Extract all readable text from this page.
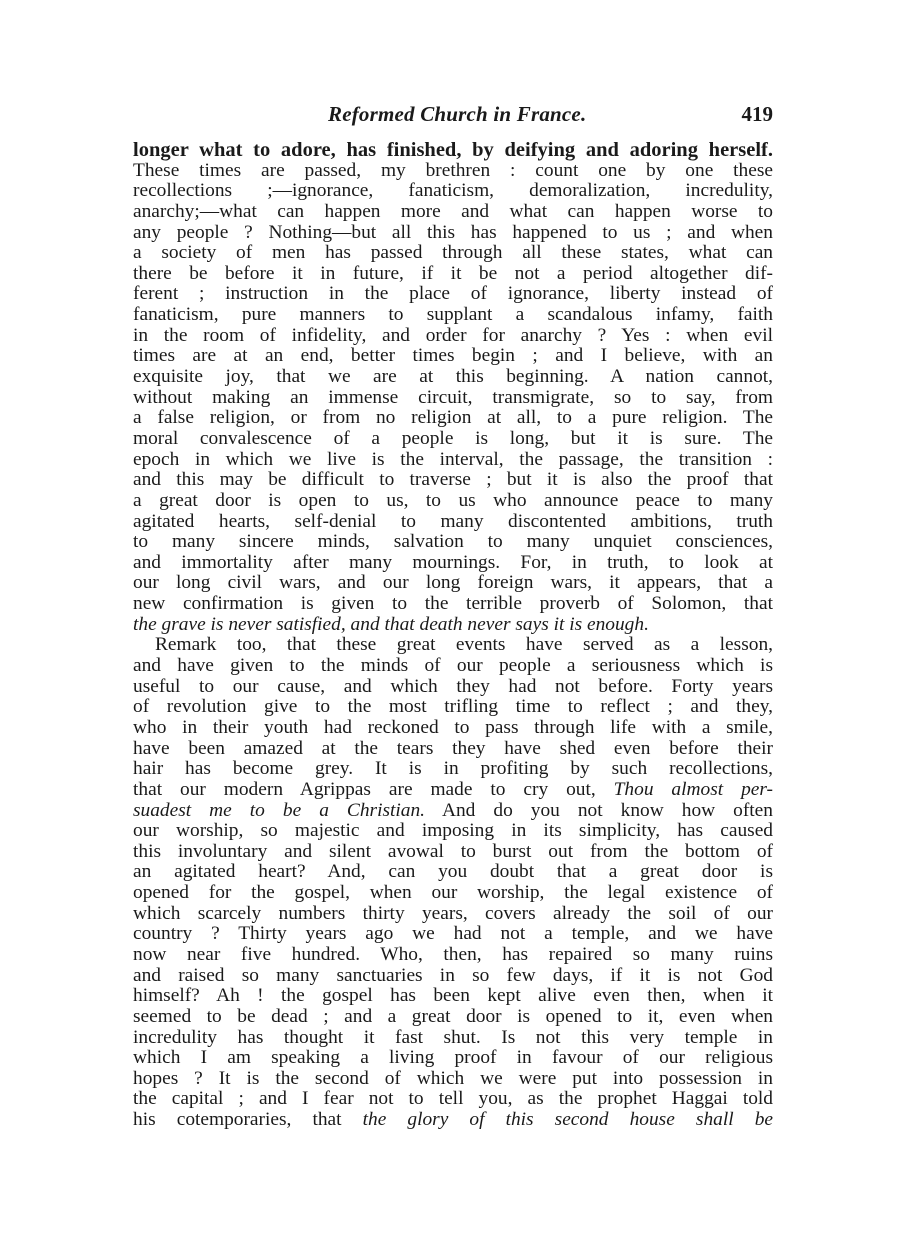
Reformed Church in France.	419
longer what to adore, has finished, by deifying and adoring herself.
These times are passed, my brethren : count one by one these
recollections ;—ignorance, fanaticism, demoralization, incredulity,
anarchy;—what can happen more and what can happen worse to
any people ? Nothing—but all this has happened to us ; and when
a society of men has passed through all these states, what can
there be before it in future, if it be not a period altogether dif-
ferent ; instruction in the place of ignorance, liberty instead of
fanaticism, pure manners to supplant a scandalous infamy, faith
in the room of infidelity, and order for anarchy ? Yes : when evil
times are at an end, better times begin ; and I believe, with an
exquisite joy, that we are at this beginning. A nation cannot,
without making an immense circuit, transmigrate, so to say, from
a false religion, or from no religion at all, to a pure religion. The
moral convalescence of a people is long, but it is sure. The
epoch in which we live is the interval, the passage, the transition :
and this may be difficult to traverse ; but it is also the proof that
a great door is open to us, to us who announce peace to many
agitated hearts, self-denial to many discontented ambitions, truth
to many sincere minds, salvation to many unquiet consciences,
and immortality after many mournings. For, in truth, to look at
our long civil wars, and our long foreign wars, it appears, that a
new confirmation is given to the terrible proverb of Solomon, that
the grave is never satisfied, and that death never says it is enough.
Remark too, that these great events have served as a lesson,
and have given to the minds of our people a seriousness which is
useful to our cause, and which they had not before. Forty years
of revolution give to the most trifling time to reflect ; and they,
who in their youth had reckoned to pass through life with a smile,
have been amazed at the tears they have shed even before their
hair has become grey. It is in profiting by such recollections,
that our modern Agrippas are made to cry out, Thou almost per-
suadest me to be a Christian. And do you not know how often
our worship, so majestic and imposing in its simplicity, has caused
this involuntary and silent avowal to burst out from the bottom of
an agitated heart? And, can you doubt that a great door is
opened for the gospel, when our worship, the legal existence of
which scarcely numbers thirty years, covers already the soil of our
country ? Thirty years ago we had not a temple, and we have
now near five hundred. Who, then, has repaired so many ruins
and raised so many sanctuaries in so few days, if it is not God
himself? Ah ! the gospel has been kept alive even then, when it
seemed to be dead ; and a great door is opened to it, even when
incredulity has thought it fast shut. Is not this very temple in
which I am speaking a living proof in favour of our religious
hopes ? It is the second of which we were put into possession in
the capital ; and I fear not to tell you, as the prophet Haggai told
his cotemporaries, that the glory of this second house shall be
